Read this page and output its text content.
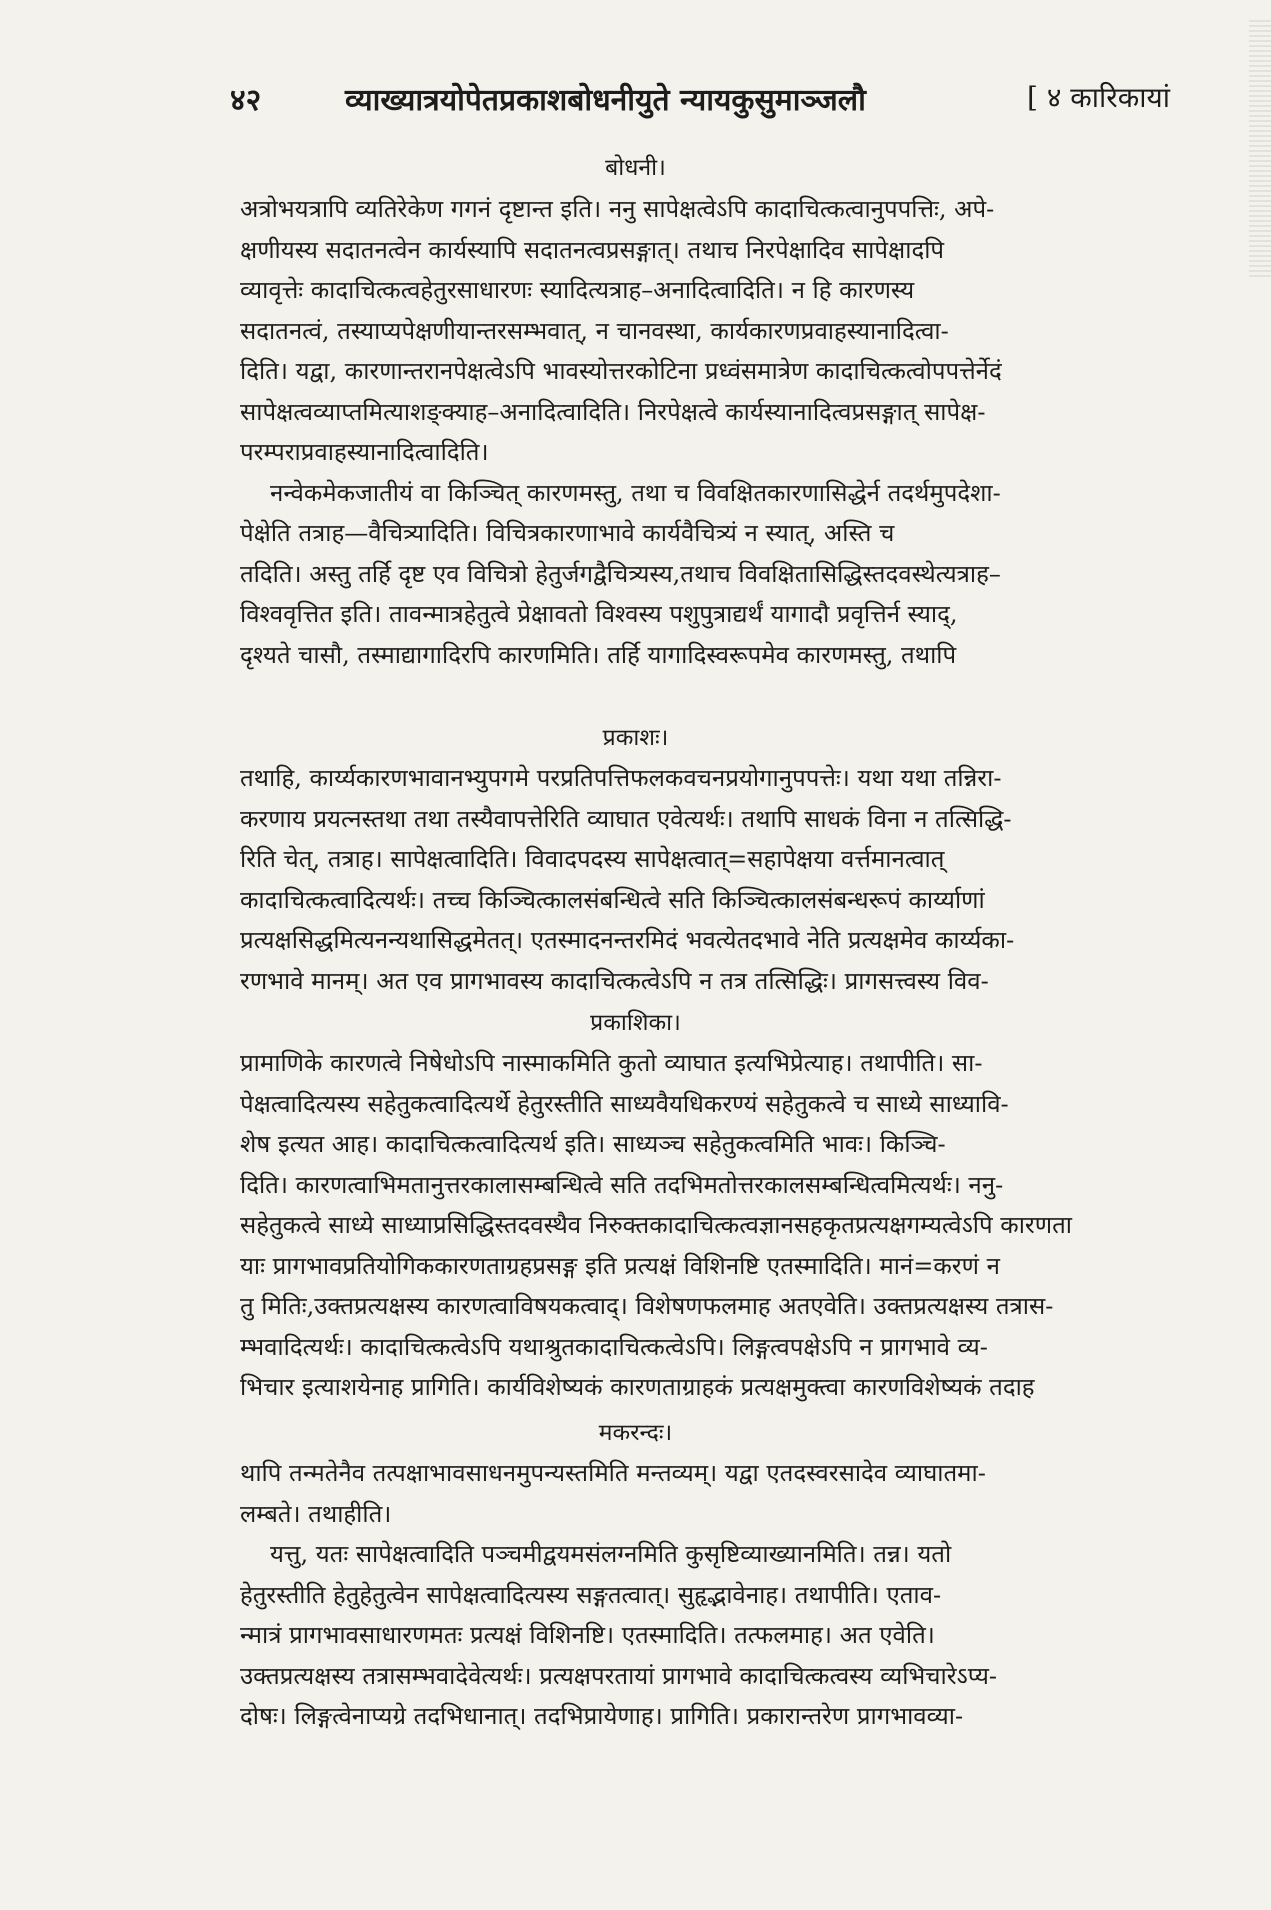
४२	व्याख्यात्रयोपेतप्रकाशबोधनीयुते न्यायकुसुमाञ्जलौ	[ ४ कारिकायां
बोधनी।
अत्रोभयत्रापि व्यतिरेकेण गगनं दृष्टान्त इति। ननु सापेक्षत्वेऽपि कादाचित्कत्वानुपपत्तिः, अपे-
क्षणीयस्य सदातनत्वेन कार्यस्यापि सदातनत्वप्रसङ्गात्। तथाच निरपेक्षादिव सापेक्षादपि
व्यावृत्तेः कादाचित्कत्वहेतुरसाधारणः स्यादित्यत्राह–अनादित्वादिति। न हि कारणस्य
सदातनत्वं, तस्याप्यपेक्षणीयान्तरसम्भवात्, न चानवस्था, कार्यकारणप्रवाहस्यानादित्वा-
दिति। यद्वा, कारणान्तरानपेक्षत्वेऽपि भावस्योत्तरकोटिना प्रध्वंसमात्रेण कादाचित्कत्वोपपत्तेर्नेदं
सापेक्षत्वव्याप्तमित्याशङ्क्याह–अनादित्वादिति। निरपेक्षत्वे कार्यस्यानादित्वप्रसङ्गात् सापेक्ष-
परम्पराप्रवाहस्यानादित्वादिति।
नन्वेकमेकजातीयं वा किञ्चित् कारणमस्तु, तथा च विवक्षितकारणासिद्धेर्न तदर्थमुपदेशा-
पेक्षेति तत्राह—वैचित्र्यादिति। विचित्रकारणाभावे कार्यवैचित्र्यं न स्यात्, अस्ति च
तदिति। अस्तु तर्हि दृष्ट एव विचित्रो हेतुर्जगद्वैचित्र्यस्य,तथाच विवक्षितासिद्धिस्तदवस्थेत्यत्राह–
विश्ववृत्तित इति। तावन्मात्रहेतुत्वे प्रेक्षावतो विश्वस्य पशुपुत्राद्यर्थं यागादौ प्रवृत्तिर्न स्याद्,
दृश्यते चासौ, तस्माद्यागादिरपि कारणमिति। तर्हि यागादिस्वरूपमेव कारणमस्तु, तथापि
प्रकाशः।
तथाहि, कार्य्यकारणभावानभ्युपगमे परप्रतिपत्तिफलकवचनप्रयोगानुपपत्तेः। यथा यथा तन्निरा-
करणाय प्रयत्नस्तथा तथा तस्यैवापत्तेरिति व्याघात एवेत्यर्थः। तथापि साधकं विना न तत्सिद्धि-
रिति चेत्, तत्राह। सापेक्षत्वादिति। विवादपदस्य सापेक्षत्वात्=सहापेक्षया वर्त्तमानत्वात्
कादाचित्कत्वादित्यर्थः। तच्च किञ्चित्कालसंबन्धित्वे सति किञ्चित्कालसंबन्धरूपं कार्य्याणां
प्रत्यक्षसिद्धमित्यनन्यथासिद्धमेतत्। एतस्मादनन्तरमिदं भवत्येतदभावे नेति प्रत्यक्षमेव कार्य्यका-
रणभावे मानम्। अत एव प्रागभावस्य कादाचित्कत्वेऽपि न तत्र तत्सिद्धिः। प्रागसत्त्वस्य विव-
प्रकाशिका।
प्रामाणिके कारणत्वे निषेधोऽपि नास्माकमिति कुतो व्याघात इत्यभिप्रेत्याह। तथापीति। सा-
पेक्षत्वादित्यस्य सहेतुकत्वादित्यर्थे हेतुरस्तीति साध्यवैयधिकरण्यं सहेतुकत्वे च साध्ये साध्यावि-
शेष इत्यत आह। कादाचित्कत्वादित्यर्थ इति। साध्यञ्च सहेतुकत्वमिति भावः। किञ्चि-
दिति। कारणत्वाभिमतानुत्तरकालासम्बन्धित्वे सति तदभिमतोत्तरकालसम्बन्धित्वमित्यर्थः। ननु-
सहेतुकत्वे साध्ये साध्याप्रसिद्धिस्तदवस्थैव निरुक्तकादाचित्कत्वज्ञानसहकृतप्रत्यक्षगम्यत्वेऽपि कारणता
याः प्रागभावप्रतियोगिककारणताग्रहप्रसङ्ग इति प्रत्यक्षं विशिनष्टि एतस्मादिति। मानं=करणं न
तु मितिः,उक्तप्रत्यक्षस्य कारणत्वाविषयकत्वाद्। विशेषणफलमाह अतएवेति। उक्तप्रत्यक्षस्य तत्रास-
म्भवादित्यर्थः। कादाचित्कत्वेऽपि यथाश्रुतकादाचित्कत्वेऽपि। लिङ्गत्वपक्षेऽपि न प्रागभावे व्य-
भिचार इत्याशयेनाह प्रागिति। कार्यविशेष्यकं कारणताग्राहकं प्रत्यक्षमुक्त्वा कारणविशेष्यकं तदाह
मकरन्दः।
थापि तन्मतेनैव तत्पक्षाभावसाधनमुपन्यस्तमिति मन्तव्यम्। यद्वा एतदस्वरसादेव व्याघातमा-
लम्बते। तथाहीति।
यत्तु, यतः सापेक्षत्वादिति पञ्चमीद्वयमसंलग्नमिति कुसृष्टिव्याख्यानमिति। तन्न। यतो
हेतुरस्तीति हेतुहेतुत्वेन सापेक्षत्वादित्यस्य सङ्गतत्वात्। सुहृद्भावेनाह। तथापीति। एताव-
न्मात्रं प्रागभावसाधारणमतः प्रत्यक्षं विशिनष्टि। एतस्मादिति। तत्फलमाह। अत एवेति।
उक्तप्रत्यक्षस्य तत्रासम्भवादेवेत्यर्थः। प्रत्यक्षपरतायां प्रागभावे कादाचित्कत्वस्य व्यभिचारेऽप्य-
दोषः। लिङ्गत्वेनाप्यग्रे तदभिधानात्। तदभिप्रायेणाह। प्रागिति। प्रकारान्तरेण प्रागभावव्या-
